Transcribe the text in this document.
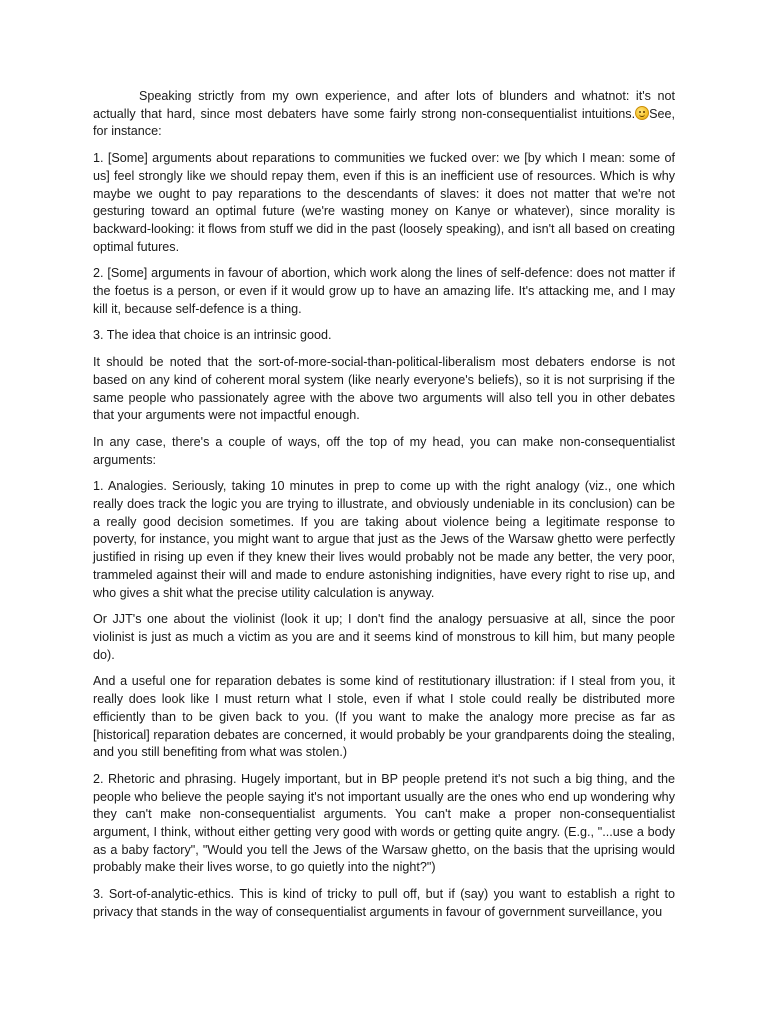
Speaking strictly from my own experience, and after lots of blunders and whatnot: it's not actually that hard, since most debaters have some fairly strong non-consequentialist intuitions. See, for instance:

1. [Some] arguments about reparations to communities we fucked over: we [by which I mean: some of us] feel strongly like we should repay them, even if this is an inefficient use of resources. Which is why maybe we ought to pay reparations to the descendants of slaves: it does not matter that we're not gesturing toward an optimal future (we're wasting money on Kanye or whatever), since morality is backward-looking: it flows from stuff we did in the past (loosely speaking), and isn't all based on creating optimal futures.

2. [Some] arguments in favour of abortion, which work along the lines of self-defence: does not matter if the foetus is a person, or even if it would grow up to have an amazing life. It's attacking me, and I may kill it, because self-defence is a thing.

3. The idea that choice is an intrinsic good.

It should be noted that the sort-of-more-social-than-political-liberalism most debaters endorse is not based on any kind of coherent moral system (like nearly everyone's beliefs), so it is not surprising if the same people who passionately agree with the above two arguments will also tell you in other debates that your arguments were not impactful enough.

In any case, there's a couple of ways, off the top of my head, you can make non-consequentialist arguments:

1. Analogies. Seriously, taking 10 minutes in prep to come up with the right analogy (viz., one which really does track the logic you are trying to illustrate, and obviously undeniable in its conclusion) can be a really good decision sometimes. If you are taking about violence being a legitimate response to poverty, for instance, you might want to argue that just as the Jews of the Warsaw ghetto were perfectly justified in rising up even if they knew their lives would probably not be made any better, the very poor, trammeled against their will and made to endure astonishing indignities, have every right to rise up, and who gives a shit what the precise utility calculation is anyway.

Or JJT's one about the violinist (look it up; I don't find the analogy persuasive at all, since the poor violinist is just as much a victim as you are and it seems kind of monstrous to kill him, but many people do).

And a useful one for reparation debates is some kind of restitutionary illustration: if I steal from you, it really does look like I must return what I stole, even if what I stole could really be distributed more efficiently than to be given back to you. (If you want to make the analogy more precise as far as [historical] reparation debates are concerned, it would probably be your grandparents doing the stealing, and you still benefiting from what was stolen.)

2. Rhetoric and phrasing. Hugely important, but in BP people pretend it's not such a big thing, and the people who believe the people saying it's not important usually are the ones who end up wondering why they can't make non-consequentialist arguments. You can't make a proper non-consequentialist argument, I think, without either getting very good with words or getting quite angry. (E.g., "...use a body as a baby factory", "Would you tell the Jews of the Warsaw ghetto, on the basis that the uprising would probably make their lives worse, to go quietly into the night?")

3. Sort-of-analytic-ethics. This is kind of tricky to pull off, but if (say) you want to establish a right to privacy that stands in the way of consequentialist arguments in favour of government surveillance, you
